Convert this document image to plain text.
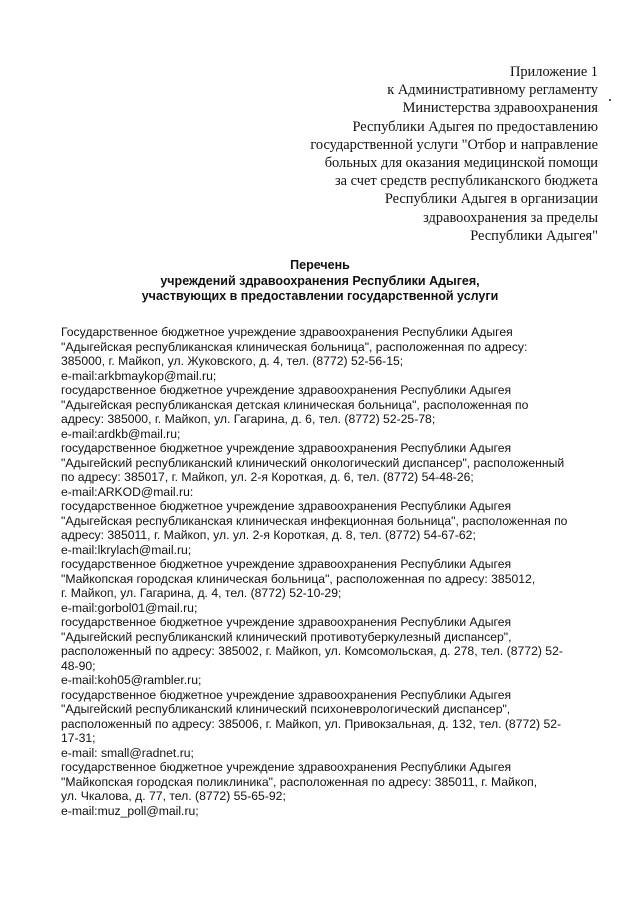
Приложение 1
к Административному регламенту
Министерства здравоохранения
Республики Адыгея по предоставлению
государственной услуги "Отбор и направление
больных для оказания медицинской помощи
за счет средств республиканского бюджета
Республики Адыгея в организации
здравоохранения за пределы
Республики Адыгея"
Перечень
учреждений здравоохранения Республики Адыгея,
участвующих в предоставлении государственной услуги
Государственное бюджетное учреждение здравоохранения Республики Адыгея
"Адыгейская республиканская клиническая больница", расположенная по адресу:
385000, г. Майкоп, ул. Жуковского, д. 4, тел. (8772) 52-56-15;
e-mail:arkbmaykop@mail.ru;
государственное бюджетное учреждение здравоохранения Республики Адыгея
"Адыгейская республиканская детская клиническая больница", расположенная по
адресу: 385000, г. Майкоп, ул. Гагарина, д. 6, тел. (8772) 52-25-78;
e-mail:ardkb@mail.ru;
государственное бюджетное учреждение здравоохранения Республики Адыгея
"Адыгейский республиканский клинический онкологический диспансер", расположенный
по адресу: 385017, г. Майкоп, ул. 2-я Короткая, д. 6, тел. (8772) 54-48-26;
e-mail:ARKOD@mail.ru:
государственное бюджетное учреждение здравоохранения Республики Адыгея
"Адыгейская республиканская клиническая инфекционная больница", расположенная по
адресу: 385011, г. Майкоп, ул. ул. 2-я Короткая, д. 8, тел. (8772) 54-67-62;
e-mail:lkrylach@mail.ru;
государственное бюджетное учреждение здравоохранения Республики Адыгея
"Майкопская городская клиническая больница", расположенная по адресу: 385012,
г. Майкоп, ул. Гагарина, д. 4, тел. (8772) 52-10-29;
e-mail:gorbol01@mail.ru;
государственное бюджетное учреждение здравоохранения Республики Адыгея
"Адыгейский республиканский клинический противотуберкулезный диспансер",
расположенный по адресу: 385002, г. Майкоп, ул. Комсомольская, д. 278, тел. (8772) 52-
48-90;
e-mail:koh05@rambler.ru;
государственное бюджетное учреждение здравоохранения Республики Адыгея
"Адыгейский республиканский клинический психоневрологический диспансер",
расположенный по адресу: 385006, г. Майкоп, ул. Привокзальная, д. 132, тел. (8772) 52-
17-31;
e-mail: small@radnet.ru;
государственное бюджетное учреждение здравоохранения Республики Адыгея
"Майкопская городская поликлиника", расположенная по адресу: 385011, г. Майкоп,
ул. Чкалова, д. 77, тел. (8772) 55-65-92;
e-mail:muz_poll@mail.ru;
